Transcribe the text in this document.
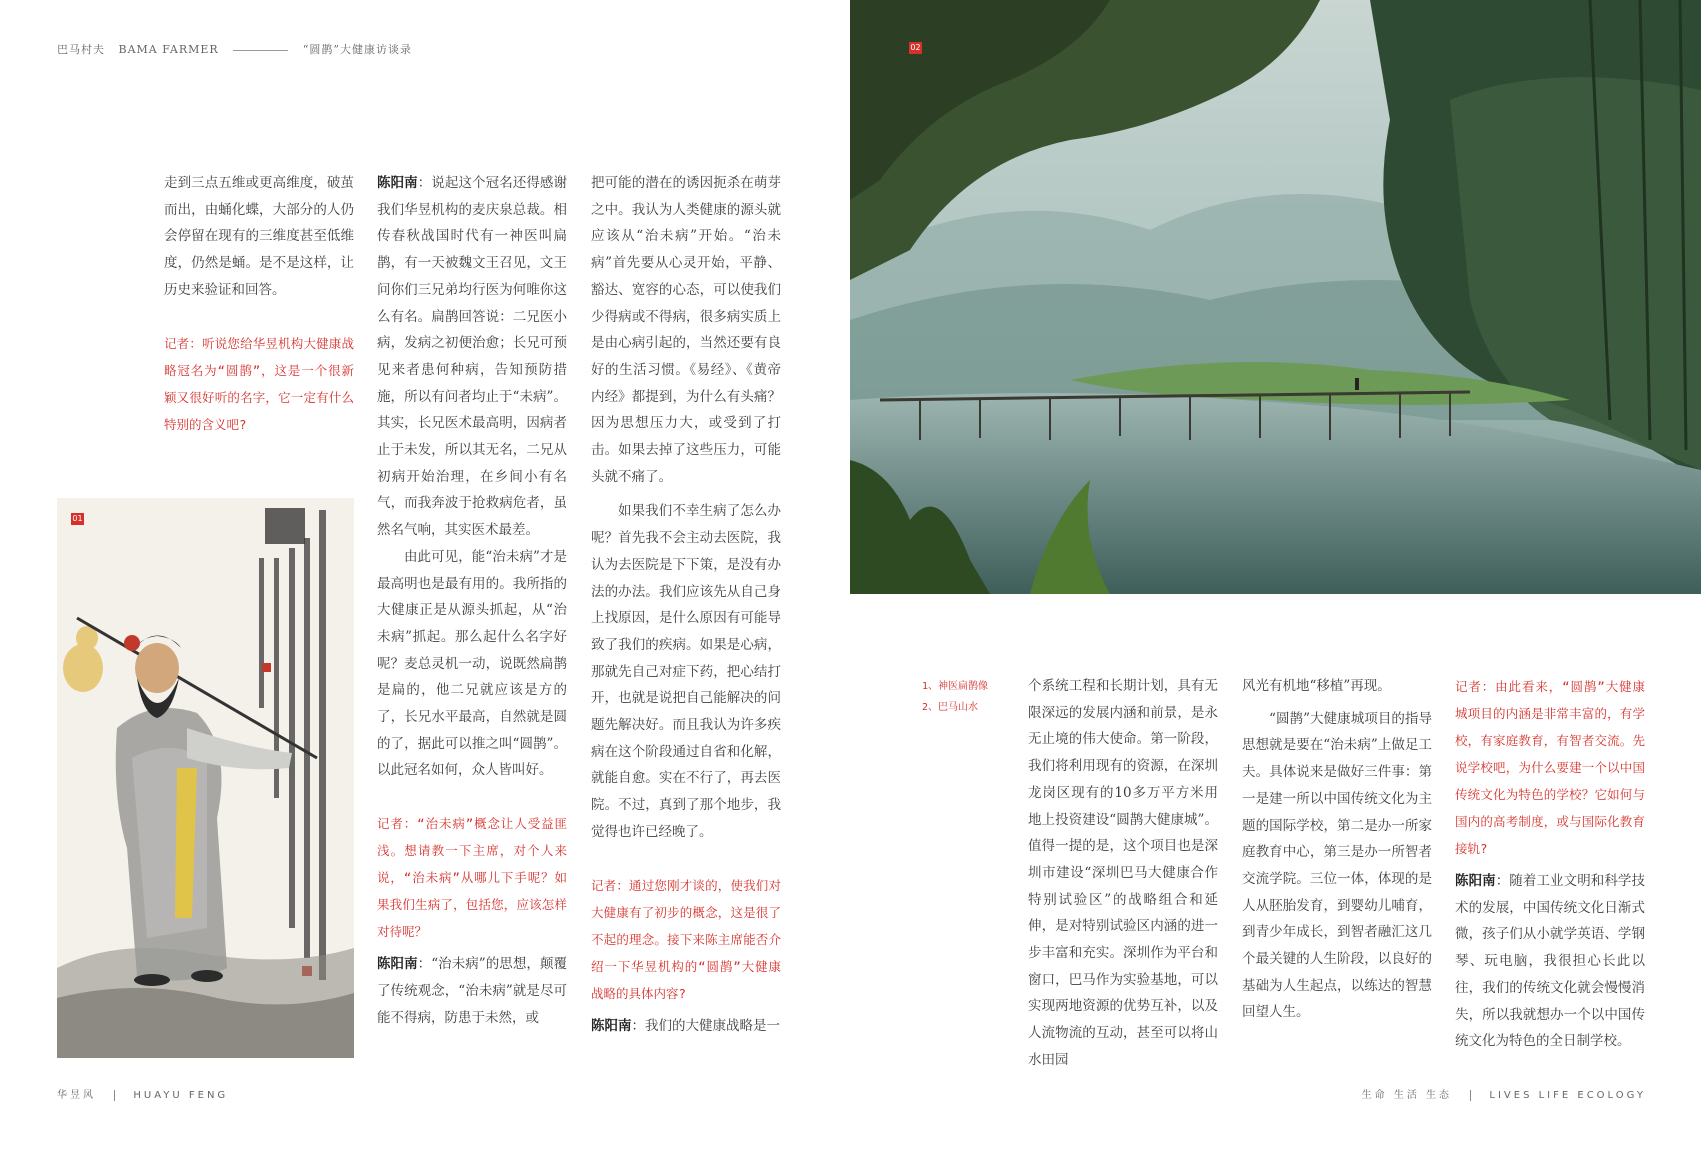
巴马村夫 BAMA FARMER	“圆鹊”大健康访谈录

走到三点五维或更高维度，破茧而出，由蛹化蝶，大部分的人仍会停留在现有的三维度甚至低维度，仍然是蛹。是不是这样，让历史来验证和回答。

记者：听说您给华昱机构大健康战略冠名为“圆鹊”，这是一个很新颖又很好听的名字，它一定有什么特别的含义吧?

01

陈阳南：说起这个冠名还得感谢我们华昱机构的麦庆泉总裁。相传春秋战国时代有一神医叫扁鹊，有一天被魏文王召见，文王问你们三兄弟均行医为何唯你这么有名。扁鹊回答说：二兄医小病，发病之初便治愈；长兄可预见来者患何种病，告知预防措施，所以有问者均止于“未病”。其实，长兄医术最高明，因病者止于未发，所以其无名，二兄从初病开始治理，在乡间小有名气，而我奔波于抢救病危者，虽然名气响，其实医术最差。

由此可见，能“治未病”才是最高明也是最有用的。我所指的大健康正是从源头抓起，从“治未病”抓起。那么起什么名字好呢？麦总灵机一动，说既然扁鹊是扁的，他二兄就应该是方的了，长兄水平最高，自然就是圆的了，据此可以推之叫“圆鹊”。以此冠名如何，众人皆叫好。

记者：“治未病”概念让人受益匪浅。想请教一下主席，对个人来说，“治未病”从哪儿下手呢？如果我们生病了，包括您，应该怎样对待呢？

陈阳南：“治未病”的思想，颠覆了传统观念，“治未病”就是尽可能不得病，防患于未然，或

把可能的潜在的诱因扼杀在萌芽之中。我认为人类健康的源头就应该从“治未病”开始。“治未病”首先要从心灵开始，平静、豁达、宽容的心态，可以使我们少得病或不得病，很多病实质上是由心病引起的，当然还要有良好的生活习惯。《易经》、《黄帝内经》都提到，为什么有头痛？因为思想压力大，或受到了打击。如果去掉了这些压力，可能头就不痛了。

如果我们不幸生病了怎么办呢？首先我不会主动去医院，我认为去医院是下下策，是没有办法的办法。我们应该先从自己身上找原因，是什么原因有可能导致了我们的疾病。如果是心病，那就先自己对症下药，把心结打开，也就是说把自己能解决的问题先解决好。而且我认为许多疾病在这个阶段通过自省和化解，就能自愈。实在不行了，再去医院。不过，真到了那个地步，我觉得也许已经晚了。

记者：通过您刚才谈的，使我们对大健康有了初步的概念，这是很了不起的理念。接下来陈主席能否介绍一下华昱机构的“圆鹊”大健康战略的具体内容?

陈阳南：我们的大健康战略是一

02
1、神医扁鹊像
2、巴马山水

个系统工程和长期计划，具有无限深远的发展内涵和前景，是永无止境的伟大使命。第一阶段，我们将利用现有的资源，在深圳龙岗区现有的10多万平方米用地上投资建设“圆鹊大健康城”。值得一提的是，这个项目也是深圳市建设“深圳巴马大健康合作特别试验区”的战略组合和延伸，是对特别试验区内涵的进一步丰富和充实。深圳作为平台和窗口，巴马作为实验基地，可以实现两地资源的优势互补，以及人流物流的互动，甚至可以将山水田园

风光有机地“移植”再现。

“圆鹊”大健康城项目的指导思想就是要在“治未病”上做足工夫。具体说来是做好三件事：第一是建一所以中国传统文化为主题的国际学校，第二是办一所家庭教育中心，第三是办一所智者交流学院。三位一体，体现的是人从胚胎发育，到婴幼儿哺育，到青少年成长，到智者融汇这几个最关键的人生阶段，以良好的基础为人生起点，以练达的智慧回望人生。

记者：由此看来，“圆鹊”大健康城项目的内涵是非常丰富的，有学校，有家庭教育，有智者交流。先说学校吧，为什么要建一个以中国传统文化为特色的学校？它如何与国内的高考制度，或与国际化教育接轨?

陈阳南：随着工业文明和科学技术的发展，中国传统文化日渐式微，孩子们从小就学英语、学钢琴、玩电脑，我很担心长此以往，我们的传统文化就会慢慢消失，所以我就想办一个以中国传统文化为特色的全日制学校。

华昱风	HUAYU FENG	生命 生活 生态	LIVES LIFE ECOLOGY
